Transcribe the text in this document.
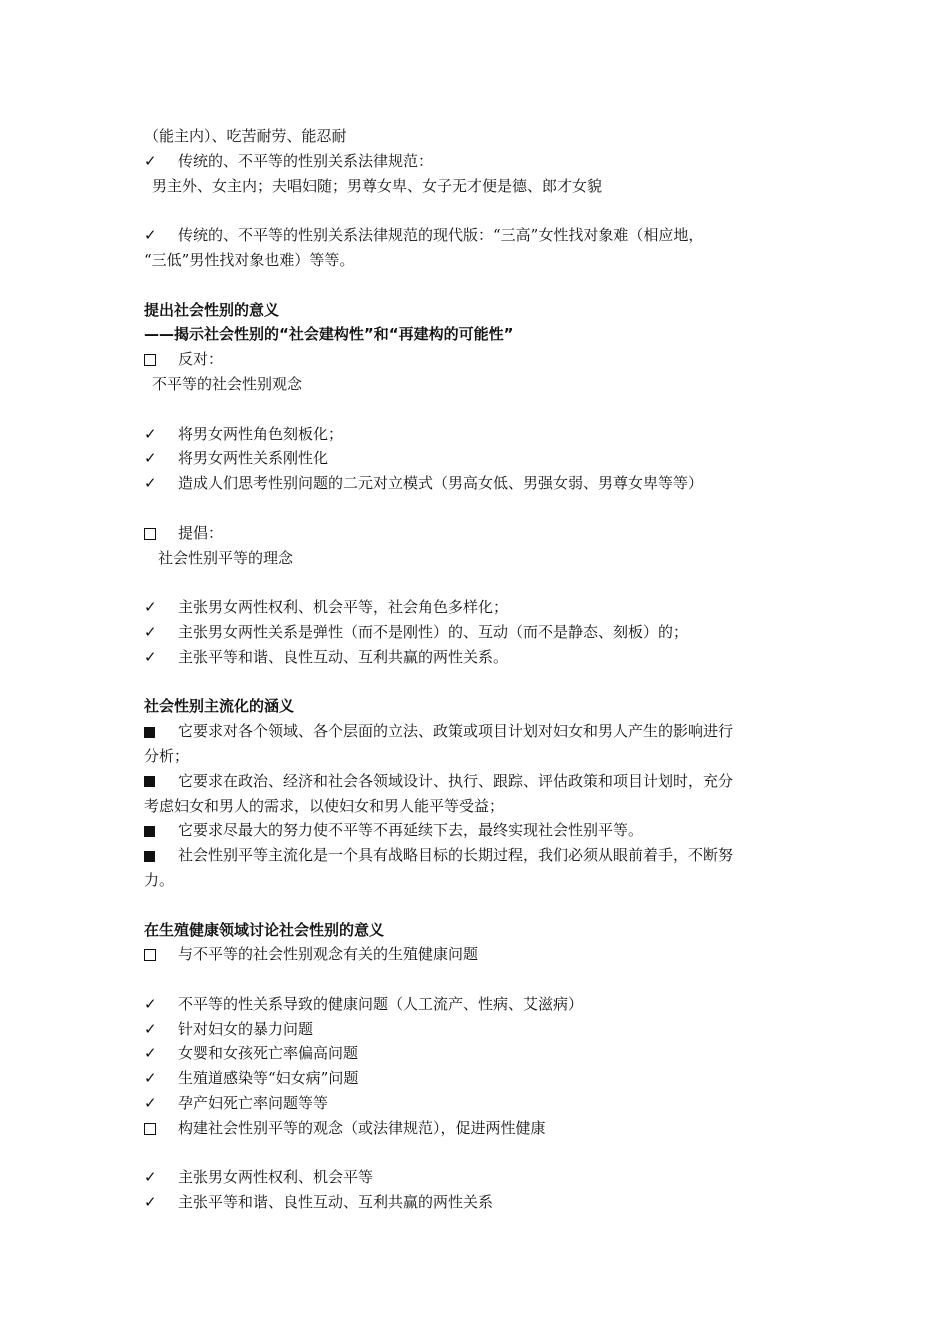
（能主内）、吃苦耐劳、能忍耐
✓ 传统的、不平等的性别关系法律规范：
男主外、女主内；夫唱妇随；男尊女卑、女子无才便是德、郎才女貌
✓ 传统的、不平等的性别关系法律规范的现代版：“三高”女性找对象难（相应地，
“三低”男性找对象也难）等等。
提出社会性别的意义
——揭示社会性别的“社会建构性”和“再建构的可能性”
反对：
不平等的社会性别观念
✓ 将男女两性角色刻板化；
✓ 将男女两性关系刚性化
✓ 造成人们思考性别问题的二元对立模式（男高女低、男强女弱、男尊女卑等等）
提倡：
社会性别平等的理念
✓ 主张男女两性权利、机会平等，社会角色多样化；
✓ 主张男女两性关系是弹性（而不是刚性）的、互动（而不是静态、刻板）的；
✓ 主张平等和谐、良性互动、互利共赢的两性关系。
社会性别主流化的涵义
它要求对各个领域、各个层面的立法、政策或项目计划对妇女和男人产生的影响进行
分析；
它要求在政治、经济和社会各领域设计、执行、跟踪、评估政策和项目计划时，充分
考虑妇女和男人的需求，以使妇女和男人能平等受益；
它要求尽最大的努力使不平等不再延续下去，最终实现社会性别平等。
社会性别平等主流化是一个具有战略目标的长期过程，我们必须从眼前着手，不断努
力。
在生殖健康领域讨论社会性别的意义
与不平等的社会性别观念有关的生殖健康问题
✓ 不平等的性关系导致的健康问题（人工流产、性病、艾滋病）
✓ 针对妇女的暴力问题
✓ 女婴和女孩死亡率偏高问题
✓ 生殖道感染等“妇女病”问题
✓ 孕产妇死亡率问题等等
构建社会性别平等的观念（或法律规范），促进两性健康
✓ 主张男女两性权利、机会平等
✓ 主张平等和谐、良性互动、互利共赢的两性关系
